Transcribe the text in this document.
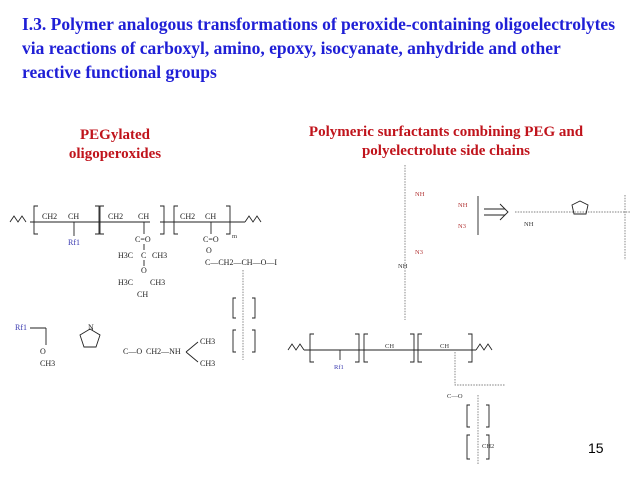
I.3. Polymer analogous transformations of peroxide-containing oligoelectrolytes via reactions of carboxyl, amino, epoxy, isocyanate, anhydride and other reactive functional groups
PEGylated
oligoperoxides
Polymeric surfactants combining PEG and
polyelectrolute side chains
CH2 CH	CH2 CH	CH2 CH
m
Rf1	C=O
H3C C CH3
O
H3C CH3
CH
C=O
O
C—CH2—CH—O—I
Rf1
O
CH3
N
C—O CH2—NH
CH3
CH3
NH
N3
NH
NH
N3	NH
Rf1
CH	CH
C—O
CH2	15
